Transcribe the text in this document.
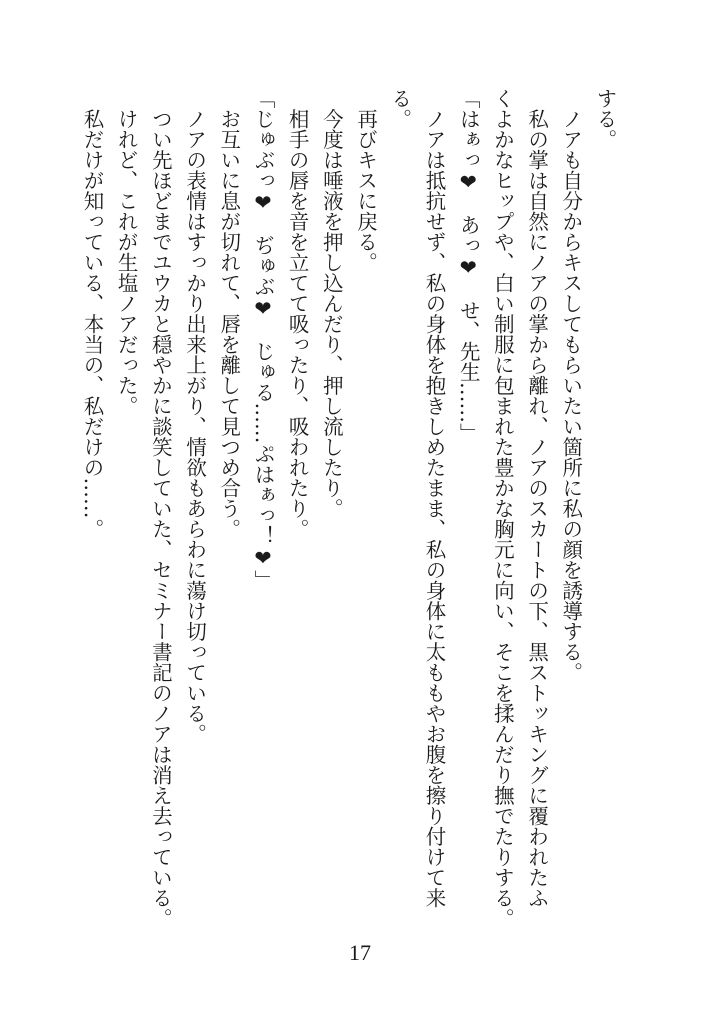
する。
　ノアも自分からキスしてもらいたい箇所に私の顔を誘導する。
　私の掌は自然にノアの掌から離れ、ノアのスカートの下、黒ストッキングに覆われたふ
くよかなヒップや、白い制服に包まれた豊かな胸元に向い、そこを揉んだり撫でたりする。
「はぁっ❤　あっ❤　せ、先生……」
　ノアは抵抗せず、私の身体を抱きしめたまま、私の身体に太ももやお腹を擦り付けて来
る。
　再びキスに戻る。
　今度は唾液を押し込んだり、押し流したり。
　相手の唇を音を立てて吸ったり、吸われたり。
「じゅぶっ❤　ぢゅぶ❤　じゅる……ぷはぁっ！❤」
　お互いに息が切れて、唇を離して見つめ合う。
　ノアの表情はすっかり出来上がり、情欲もあらわに蕩け切っている。
　つい先ほどまでユウカと穏やかに談笑していた、セミナー書記のノアは消え去っている。
　けれど、これが生塩ノアだった。
　私だけが知っている、本当の、私だけの……。
17
